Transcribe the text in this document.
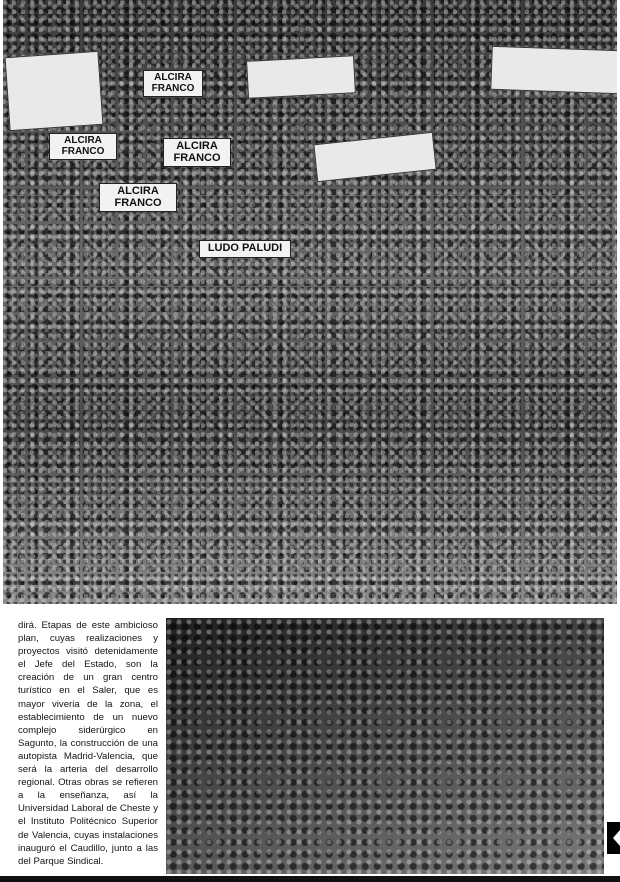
ALCIRA
FRANCO
ALCIRA
FRANCO	ALCIRA
FRANCO
ALCIRA
FRANCO
LUDO PALUDI

dirá. Etapas de este ambicioso plan, cuyas realizaciones y proyectos visitó detenidamente el Jefe del Estado, son la creación de un gran centro turístico en el Saler, que es mayor viveria de la zona, el establecimiento de un nuevo complejo siderúrgico en Sagunto, la construcción de una autopista Madrid-Valencia, que será la arteria del desarrollo regional. Otras obras se refieren a la enseñanza, así la Universidad Laboral de Cheste y el Instituto Politécnico Superior de Valencia, cuyas instalaciones inauguró el Caudillo, junto a las del Parque Sindical.
